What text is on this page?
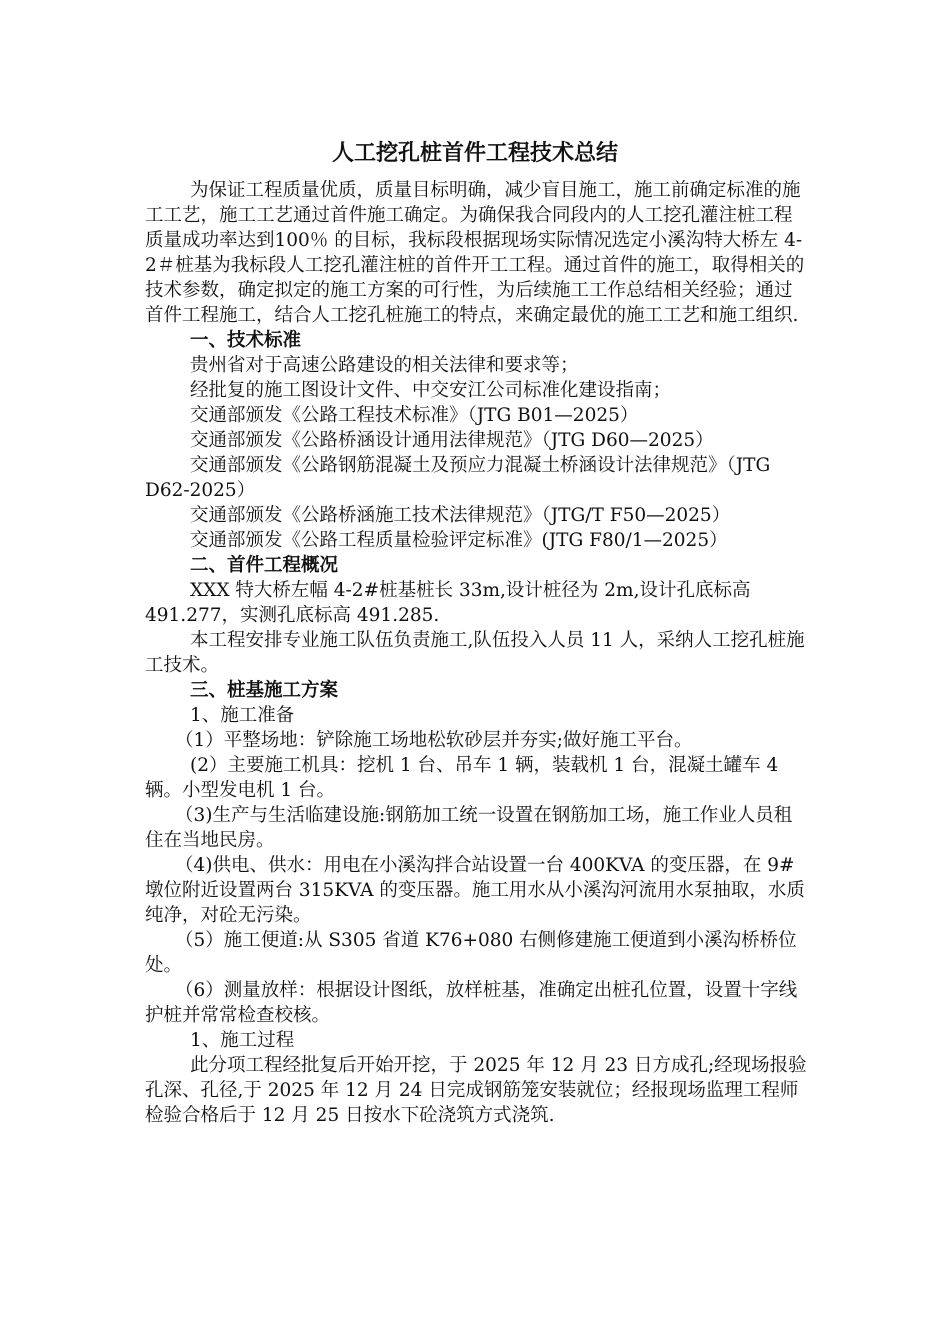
人工挖孔桩首件工程技术总结

为保证工程质量优质，质量目标明确，减少盲目施工，施工前确定标准的施工工艺，施工工艺通过首件施工确定。为确保我合同段内的人工挖孔灌注桩工程质量成功率达到100％ 的目标，我标段根据现场实际情况选定小溪沟特大桥左 4-2＃桩基为我标段人工挖孔灌注桩的首件开工工程。通过首件的施工，取得相关的技术参数，确定拟定的施工方案的可行性，为后续施工工作总结相关经验；通过首件工程施工，结合人工挖孔桩施工的特点，来确定最优的施工工艺和施工组织.

一、技术标准

贵州省对于高速公路建设的相关法律和要求等；

经批复的施工图设计文件、中交安江公司标准化建设指南；

交通部颁发《公路工程技术标准》（JTG B01—2025）

交通部颁发《公路桥涵设计通用法律规范》（JTG D60—2025）

交通部颁发《公路钢筋混凝土及预应力混凝土桥涵设计法律规范》（JTG D62-2025）

交通部颁发《公路桥涵施工技术法律规范》（JTG/T F50—2025）

交通部颁发《公路工程质量检验评定标准》(JTG F80/1—2025）

二、首件工程概况

XXX 特大桥左幅 4-2#桩基桩长 33m,设计桩径为 2m,设计孔底标高 491.277，实测孔底标高 491.285.

本工程安排专业施工队伍负责施工,队伍投入人员 11 人，采纳人工挖孔桩施工技术。

三、桩基施工方案

1、施工准备

（1）平整场地：铲除施工场地松软砂层并夯实;做好施工平台。

(2）主要施工机具：挖机 1 台、吊车 1 辆，装载机 1 台，混凝土罐车 4 辆。小型发电机 1 台。

（3)生产与生活临建设施:钢筋加工统一设置在钢筋加工场，施工作业人员租住在当地民房。

（4)供电、供水：用电在小溪沟拌合站设置一台 400KVA 的变压器，在 9#墩位附近设置两台 315KVA 的变压器。施工用水从小溪沟河流用水泵抽取，水质纯净，对砼无污染。

（5）施工便道:从 S305 省道 K76+080 右侧修建施工便道到小溪沟桥桥位处。

（6）测量放样：根据设计图纸，放样桩基，准确定出桩孔位置，设置十字线护桩并常常检查校核。

1、施工过程

此分项工程经批复后开始开挖，于 2025 年 12 月 23 日方成孔;经现场报验孔深、孔径,于 2025 年 12 月 24 日完成钢筋笼安装就位；经报现场监理工程师检验合格后于 12 月 25 日按水下砼浇筑方式浇筑.
